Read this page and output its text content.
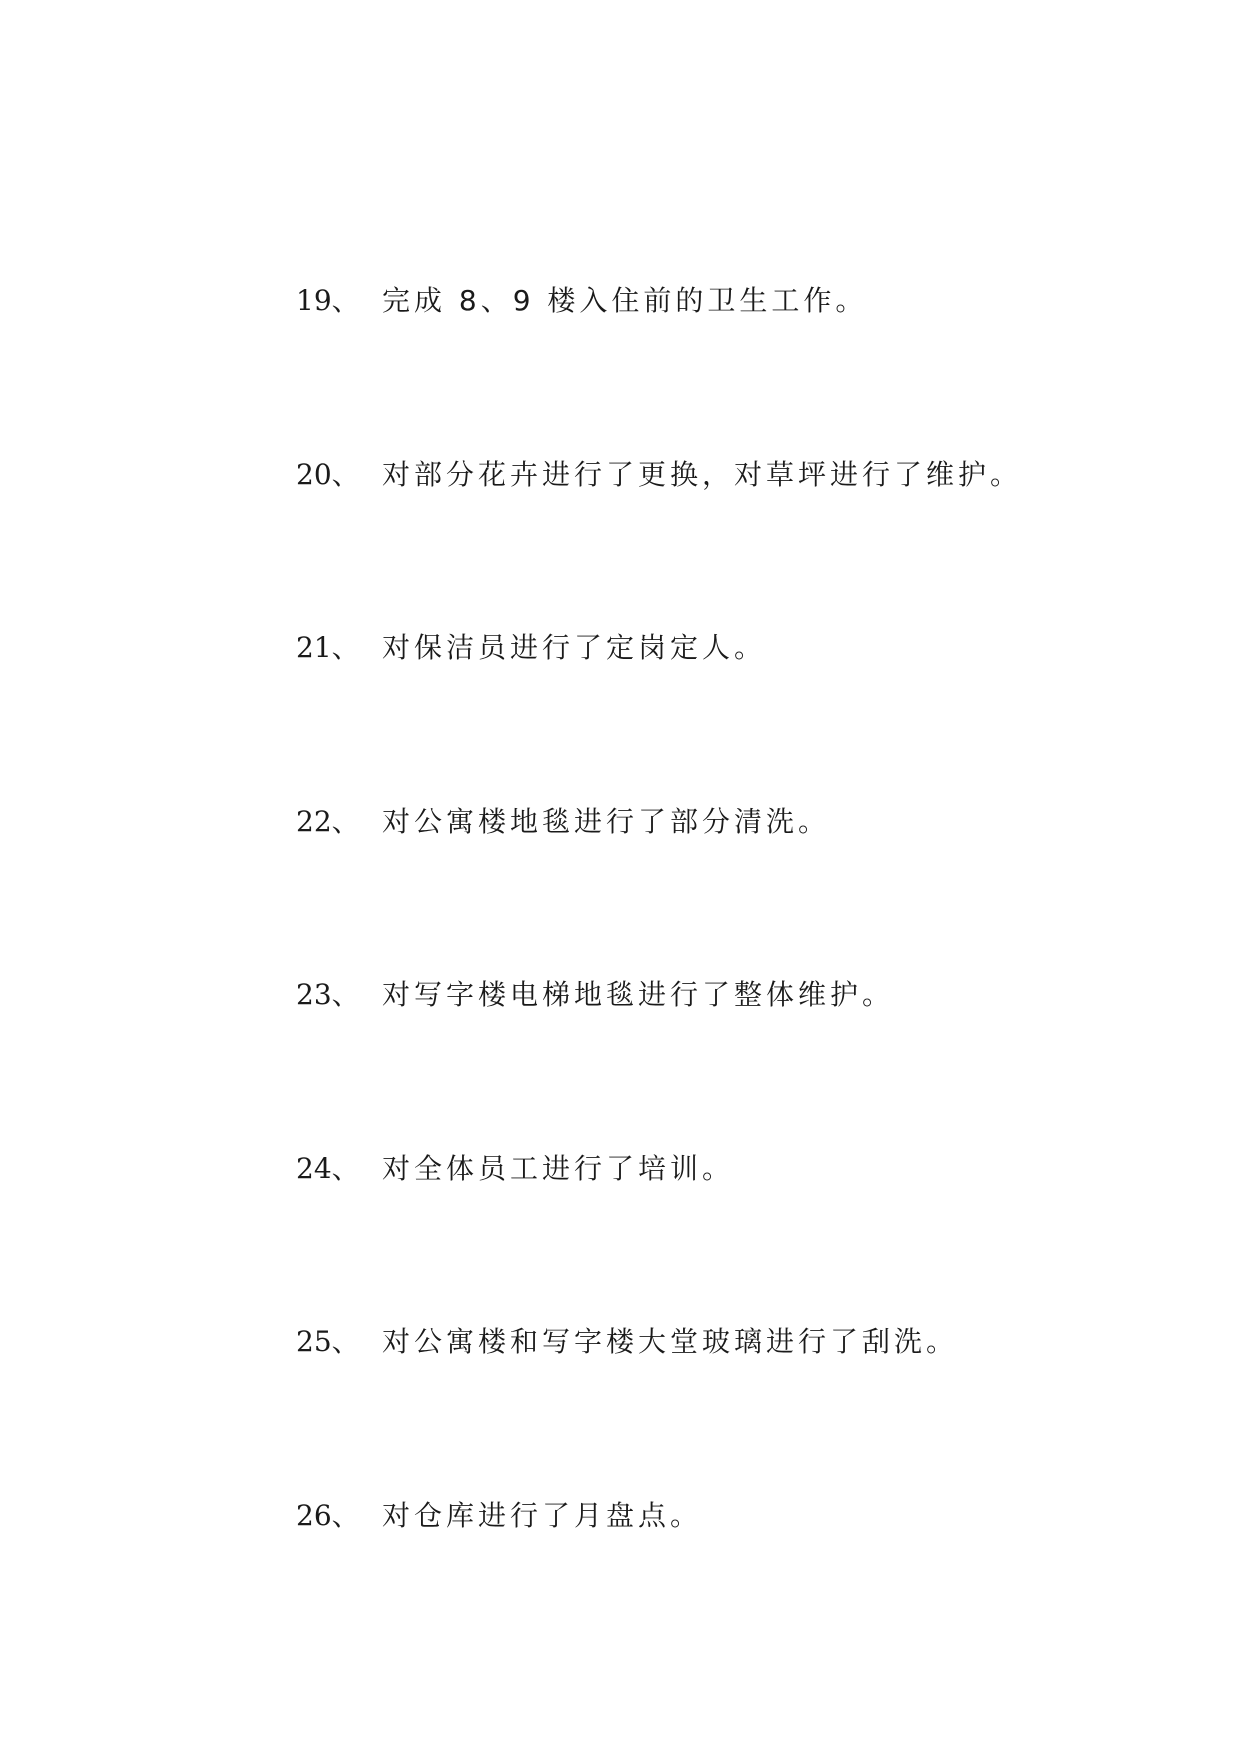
19、 完成 8、9 楼入住前的卫生工作。
20、 对部分花卉进行了更换，对草坪进行了维护。
21、 对保洁员进行了定岗定人。
22、 对公寓楼地毯进行了部分清洗。
23、 对写字楼电梯地毯进行了整体维护。
24、 对全体员工进行了培训。
25、 对公寓楼和写字楼大堂玻璃进行了刮洗。
26、 对仓库进行了月盘点。
